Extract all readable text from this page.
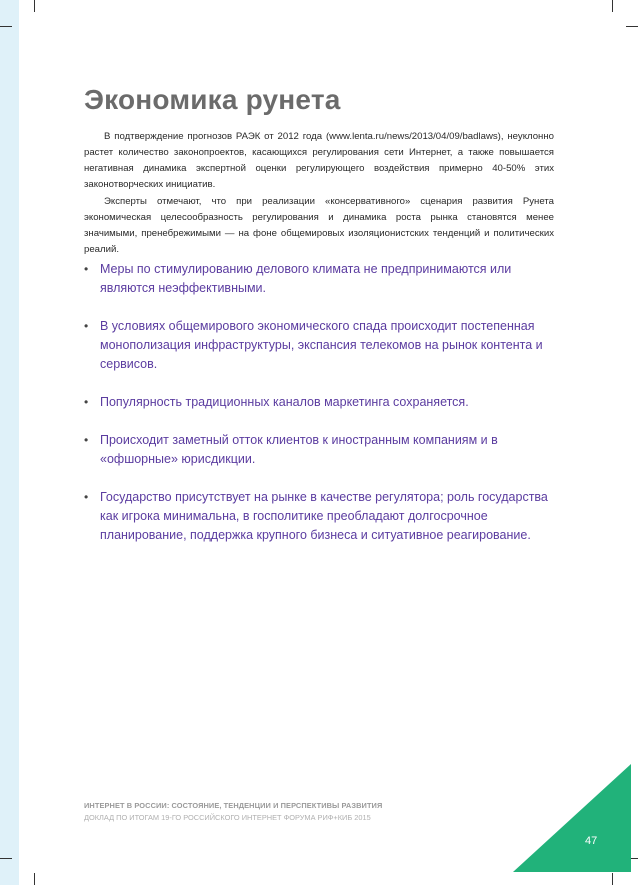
Экономика рунета

В подтверждение прогнозов РАЭК от 2012 года (www.lenta.ru/news/2013/04/09/badlaws), неуклонно растет количество законопроектов, касающихся регулирования сети Интернет, а также повышается негативная динамика экспертной оценки регулирующего воздействия примерно 40-50% этих законотворческих инициатив.

Эксперты отмечают, что при реализации «консервативного» сценария развития Рунета экономическая целесообразность регулирования и динамика роста рынка становятся менее значимыми, пренебрежимыми — на фоне общемировых изоляционистских тенденций и политических реалий.

• Меры по стимулированию делового климата не предпринимаются или являются неэффективными.
• В условиях общемирового экономического спада происходит постепенная монополизация инфраструктуры, экспансия телекомов на рынок контента и сервисов.
• Популярность традиционных каналов маркетинга сохраняется.
• Происходит заметный отток клиентов к иностранным компаниям и в «офшорные» юрисдикции.
• Государство присутствует на рынке в качестве регулятора; роль государства как игрока минимальна, в госполитике преобладают долгосрочное планирование, поддержка крупного бизнеса и ситуативное реагирование.

ИНТЕРНЕТ В РОССИИ: СОСТОЯНИЕ, ТЕНДЕНЦИИ И ПЕРСПЕКТИВЫ РАЗВИТИЯ

ДОКЛАД ПО ИТОГАМ 19-ГО РОССИЙСКОГО ИНТЕРНЕТ ФОРУМА РИФ+КИБ 2015

47
